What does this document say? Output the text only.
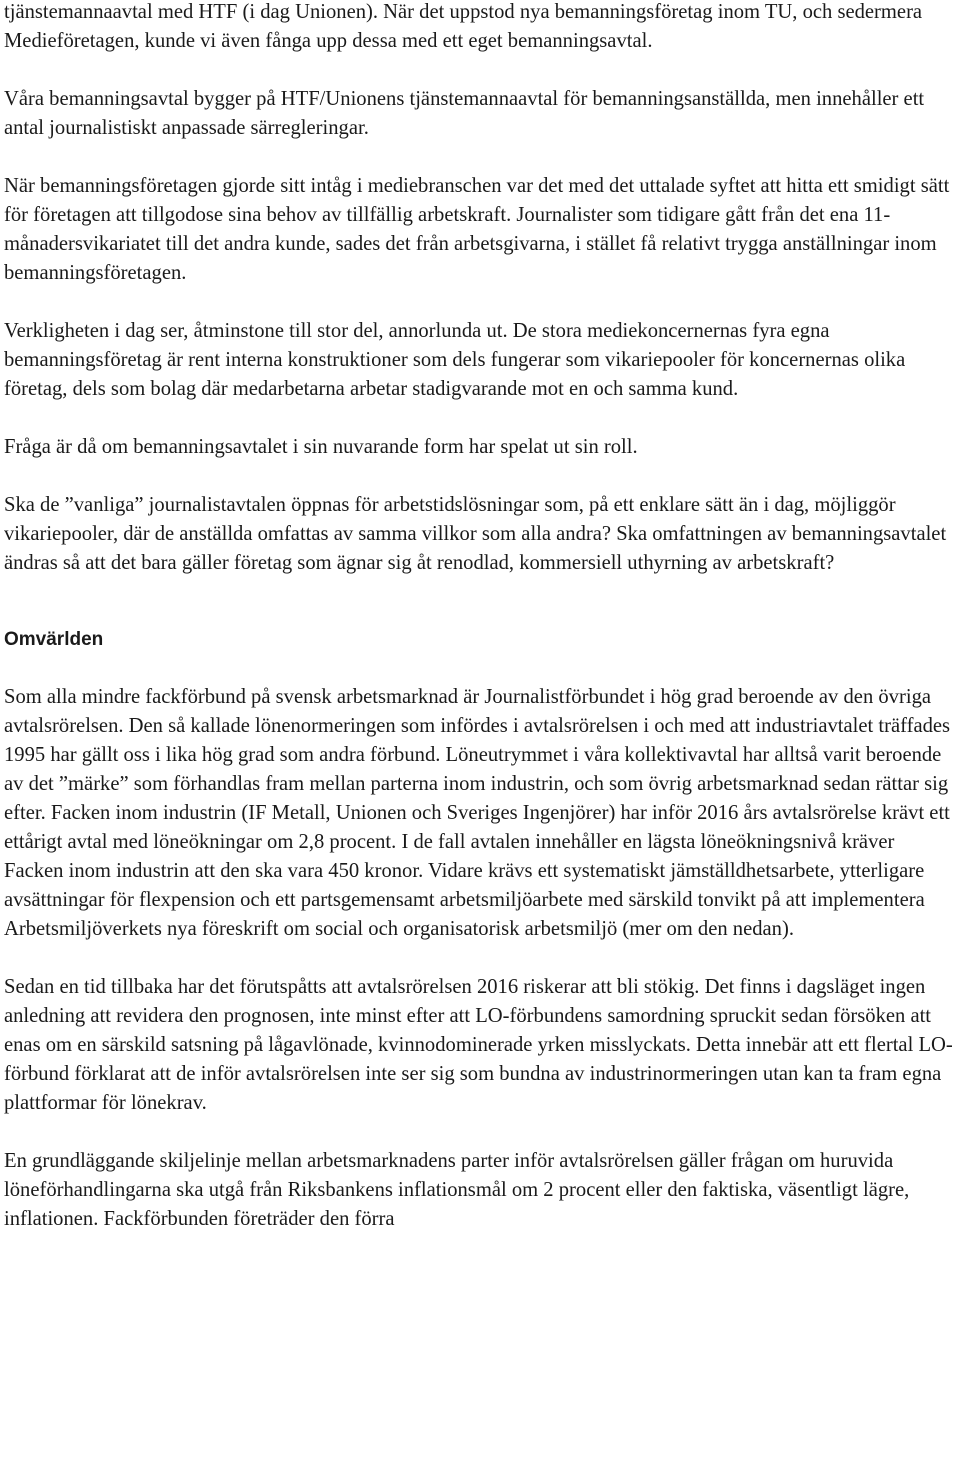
tjänstemannaavtal med HTF (i dag Unionen). När det uppstod nya bemanningsföretag inom TU, och sedermera Medieföretagen, kunde vi även fånga upp dessa med ett eget bemanningsavtal.

Våra bemanningsavtal bygger på HTF/Unionens tjänstemannaavtal för bemanningsanställda, men innehåller ett antal journalistiskt anpassade särregleringar.

När bemanningsföretagen gjorde sitt intåg i mediebranschen var det med det uttalade syftet att hitta ett smidigt sätt för företagen att tillgodose sina behov av tillfällig arbetskraft. Journalister som tidigare gått från det ena 11-månadersvikariatet till det andra kunde, sades det från arbetsgivarna, i stället få relativt trygga anställningar inom bemanningsföretagen.

Verkligheten i dag ser, åtminstone till stor del, annorlunda ut. De stora mediekoncernernas fyra egna bemanningsföretag är rent interna konstruktioner som dels fungerar som vikariepooler för koncernernas olika företag, dels som bolag där medarbetarna arbetar stadigvarande mot en och samma kund.

Fråga är då om bemanningsavtalet i sin nuvarande form har spelat ut sin roll.

Ska de ”vanliga” journalistavtalen öppnas för arbetstidslösningar som, på ett enklare sätt än i dag, möjliggör vikariepooler, där de anställda omfattas av samma villkor som alla andra? Ska omfattningen av bemanningsavtalet ändras så att det bara gäller företag som ägnar sig åt renodlad, kommersiell uthyrning av arbetskraft?

Omvärlden

Som alla mindre fackförbund på svensk arbetsmarknad är Journalistförbundet i hög grad beroende av den övriga avtalsrörelsen. Den så kallade lönenormeringen som infördes i avtalsrörelsen i och med att industriavtalet träffades 1995 har gällt oss i lika hög grad som andra förbund. Löneutrymmet i våra kollektivavtal har alltså varit beroende av det ”märke” som förhandlas fram mellan parterna inom industrin, och som övrig arbetsmarknad sedan rättar sig efter. Facken inom industrin (IF Metall, Unionen och Sveriges Ingenjörer) har inför 2016 års avtalsrörelse krävt ett ettårigt avtal med löneökningar om 2,8 procent. I de fall avtalen innehåller en lägsta löneökningsnivå kräver Facken inom industrin att den ska vara 450 kronor. Vidare krävs ett systematiskt jämställdhetsarbete, ytterligare avsättningar för flexpension och ett partsgemensamt arbetsmiljöarbete med särskild tonvikt på att implementera Arbetsmiljöverkets nya föreskrift om social och organisatorisk arbetsmiljö (mer om den nedan).

Sedan en tid tillbaka har det förutspåtts att avtalsrörelsen 2016 riskerar att bli stökig. Det finns i dagsläget ingen anledning att revidera den prognosen, inte minst efter att LO-förbundens samordning spruckit sedan försöken att enas om en särskild satsning på lågavlönade, kvinnodominerade yrken misslyckats. Detta innebär att ett flertal LO-förbund förklarat att de inför avtalsrörelsen inte ser sig som bundna av industrinormeringen utan kan ta fram egna plattformar för lönekrav.

En grundläggande skiljelinje mellan arbetsmarknadens parter inför avtalsrörelsen gäller frågan om huruvida löneförhandlingarna ska utgå från Riksbankens inflationsmål om 2 procent eller den faktiska, väsentligt lägre, inflationen. Fackförbunden företräder den förra
